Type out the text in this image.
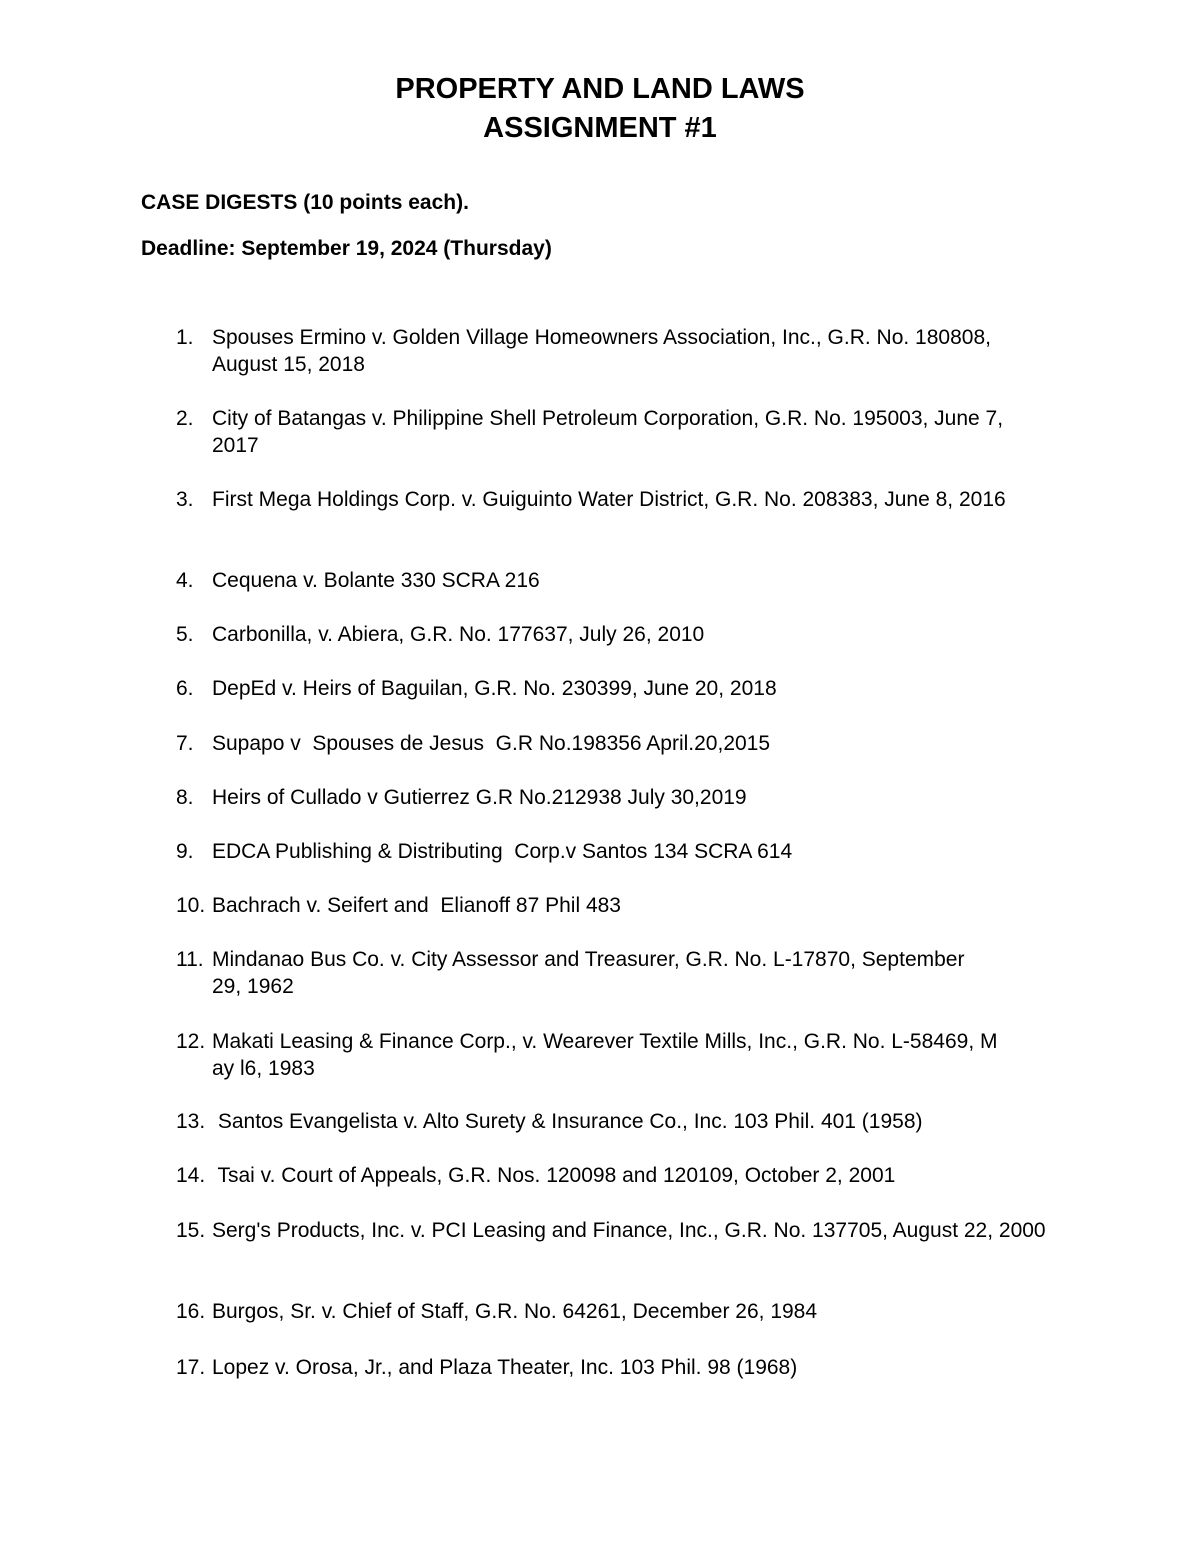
PROPERTY AND LAND LAWS
ASSIGNMENT #1

CASE DIGESTS (10 points each).

Deadline: September 19, 2024 (Thursday)

1. Spouses Ermino v. Golden Village Homeowners Association, Inc., G.R. No. 180808, August 15, 2018
2. City of Batangas v. Philippine Shell Petroleum Corporation, G.R. No. 195003, June 7, 2017
3. First Mega Holdings Corp. v. Guiguinto Water District, G.R. No. 208383, June 8, 2016
4. Cequena v. Bolante 330 SCRA 216
5. Carbonilla, v. Abiera, G.R. No. 177637, July 26, 2010
6. DepEd v. Heirs of Baguilan, G.R. No. 230399, June 20, 2018
7. Supapo v  Spouses de Jesus  G.R No.198356 April.20,2015
8. Heirs of Cullado v Gutierrez G.R No.212938 July 30,2019
9. EDCA Publishing & Distributing  Corp.v Santos 134 SCRA 614
10. Bachrach v. Seifert and  Elianoff 87 Phil 483
11. Mindanao Bus Co. v. City Assessor and Treasurer, G.R. No. L-17870, September 29, 1962
12. Makati Leasing & Finance Corp., v. Wearever Textile Mills, Inc., G.R. No. L-58469, May l6, 1983
13. Santos Evangelista v. Alto Surety & Insurance Co., Inc. 103 Phil. 401 (1958)
14. Tsai v. Court of Appeals, G.R. Nos. 120098 and 120109, October 2, 2001
15. Serg's Products, Inc. v. PCI Leasing and Finance, Inc., G.R. No. 137705, August 22, 2000
16. Burgos, Sr. v. Chief of Staff, G.R. No. 64261, December 26, 1984
17. Lopez v. Orosa, Jr., and Plaza Theater, Inc. 103 Phil. 98 (1968)
